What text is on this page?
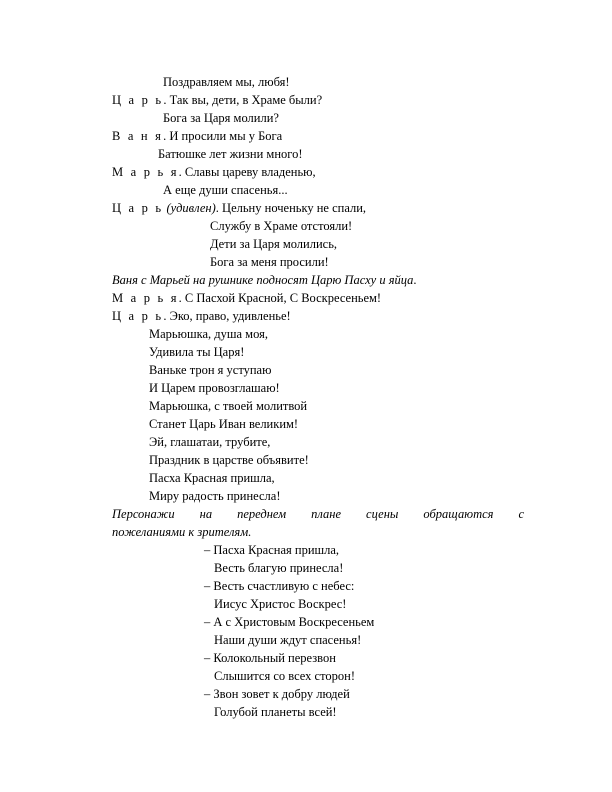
Поздравляем мы, любя!
Ц а р ь. Так вы, дети, в Храме были?
Бога за Царя молили?
В а н я. И просили мы у Бога
Батюшке лет жизни много!
М а р ь я. Славы цареву владенью,
А еще души спасенья...
Ц а р ь (удивлен). Цельну ноченьку не спали,
Службу в Храме отстояли!
Дети за Царя молились,
Бога за меня просили!
Ваня с Марьей на рушнике подносят Царю Пасху и яйца.
М а р ь я. С Пасхой Красной, С Воскресеньем!
Ц а р ь. Эко, право, удивленье!
Марьюшка, душа моя,
Удивила ты Царя!
Ваньке трон я уступаю
И Царем провозглашаю!
Марьюшка, с твоей молитвой
Станет Царь Иван великим!
Эй, глашатаи, трубите,
Праздник в царстве объявите!
Пасха Красная пришла,
Миру радость принесла!
Персонажи на переднем плане сцены обращаются с
пожеланиями к зрителям.
– Пасха Красная пришла,
Весть благую принесла!
– Весть счастливую с небес:
Иисус Христос Воскрес!
– А с Христовым Воскресеньем
Наши души ждут спасенья!
– Колокольный перезвон
Слышится со всех сторон!
– Звон зовет к добру людей
Голубой планеты всей!
